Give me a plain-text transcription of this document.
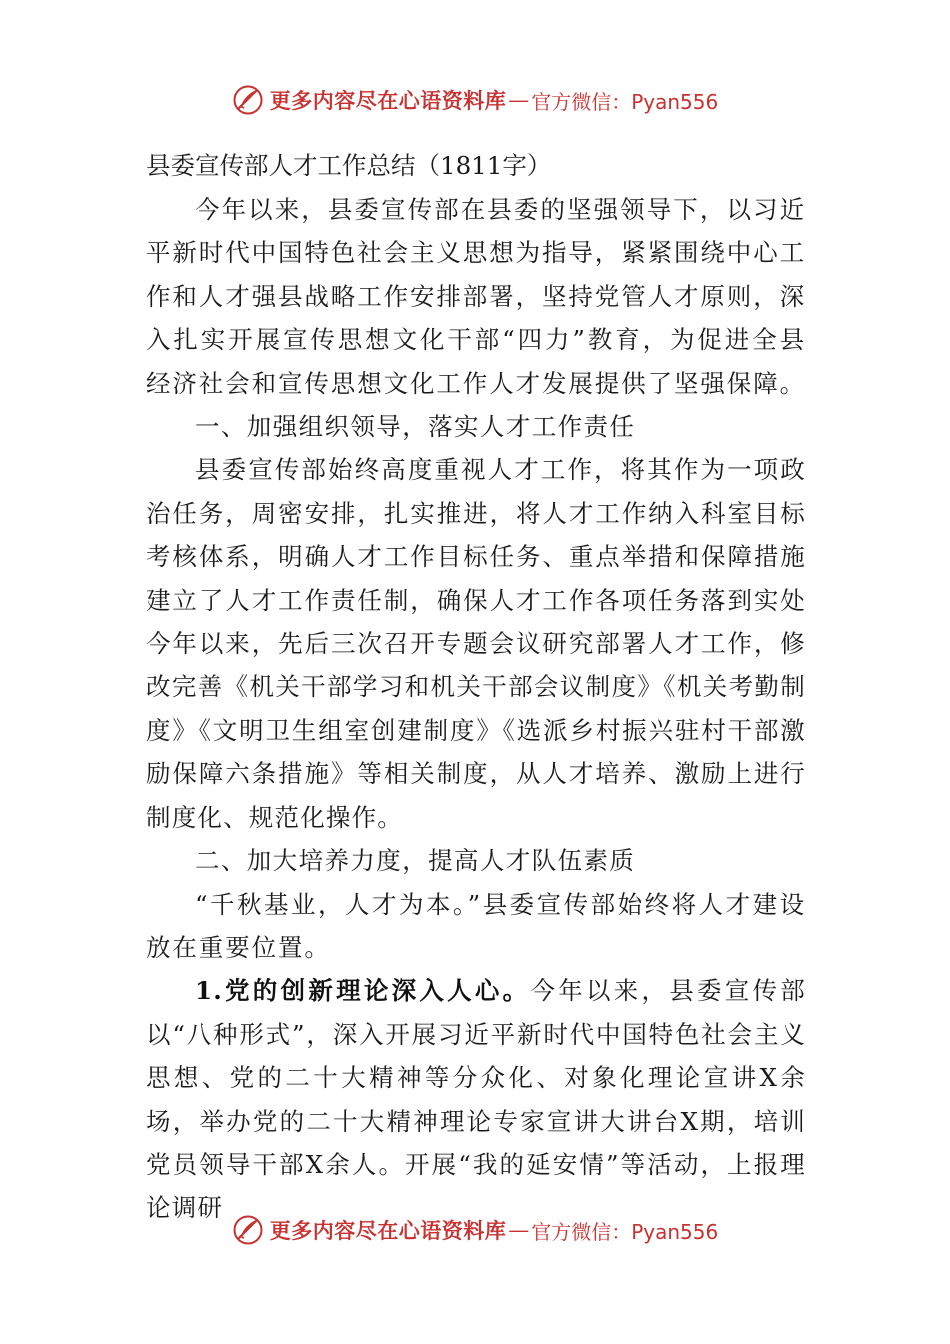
更多内容尽在心语资料库 — 官方微信：Pyan556
县委宣传部人才工作总结（1811字）

今年以来，县委宣传部在县委的坚强领导下，以习近平新时代中国特色社会主义思想为指导，紧紧围绕中心工作和人才强县战略工作安排部署，坚持党管人才原则，深入扎实开展宣传思想文化干部“四力”教育，为促进全县经济社会和宣传思想文化工作人才发展提供了坚强保障。

一、加强组织领导，落实人才工作责任

县委宣传部始终高度重视人才工作，将其作为一项政治任务，周密安排，扎实推进，将人才工作纳入科室目标考核体系，明确人才工作目标任务、重点举措和保障措施建立了人才工作责任制，确保人才工作各项任务落到实处今年以来，先后三次召开专题会议研究部署人才工作，修改完善《机关干部学习和机关干部会议制度》《机关考勤制度》《文明卫生组室创建制度》《选派乡村振兴驻村干部激励保障六条措施》等相关制度，从人才培养、激励上进行制度化、规范化操作。

二、加大培养力度，提高人才队伍素质

“千秋基业，人才为本。”县委宣传部始终将人才建设放在重要位置。

1.党的创新理论深入人心。今年以来，县委宣传部以“八种形式”，深入开展习近平新时代中国特色社会主义思想、党的二十大精神等分众化、对象化理论宣讲X余场，举办党的二十大精神理论专家宣讲大讲台X期，培训党员领导干部X余人。开展“我的延安情”等活动，上报理论调研

更多内容尽在心语资料库 — 官方微信：Pyan556
